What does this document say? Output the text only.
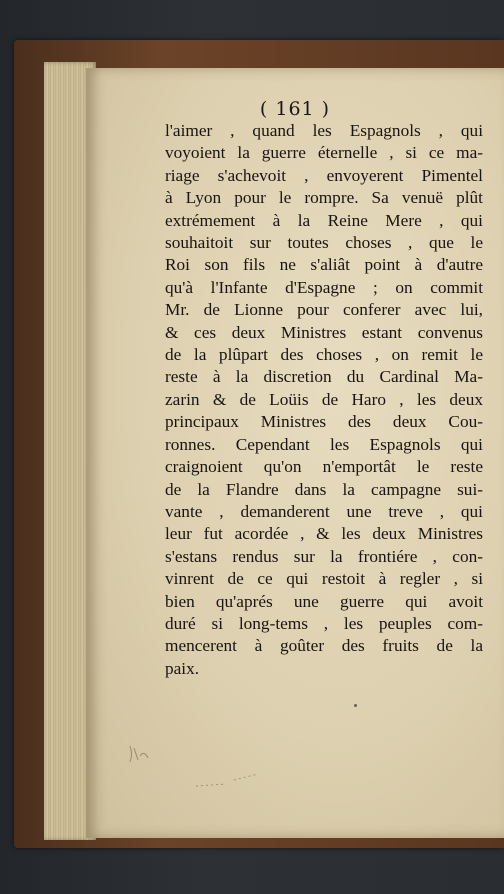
( 161 )
l'aimer , quand les Espagnols , qui
voyoient la guerre éternelle , si ce ma-
riage s'achevoit , envoyerent Pimentel
à Lyon pour le rompre. Sa venuë plût
extrémement à la Reine Mere , qui
souhaitoit sur toutes choses , que le
Roi son fils ne s'aliât point à d'autre
qu'à l'Infante d'Espagne ; on commit
Mr. de Lionne pour conferer avec lui,
& ces deux Ministres estant convenus
de la plûpart des choses , on remit le
reste à la discretion du Cardinal Ma-
zarin & de Loüis de Haro , les deux
principaux Ministres des deux Cou-
ronnes. Cependant les Espagnols qui
craignoient qu'on n'emportât le reste
de la Flandre dans la campagne sui-
vante , demanderent une treve , qui
leur fut acordée , & les deux Ministres
s'estans rendus sur la frontiére , con-
vinrent de ce qui restoit à regler , si
bien qu'aprés une guerre qui avoit
duré si long-tems , les peuples com-
mencerent à goûter des fruits de la
paix.
